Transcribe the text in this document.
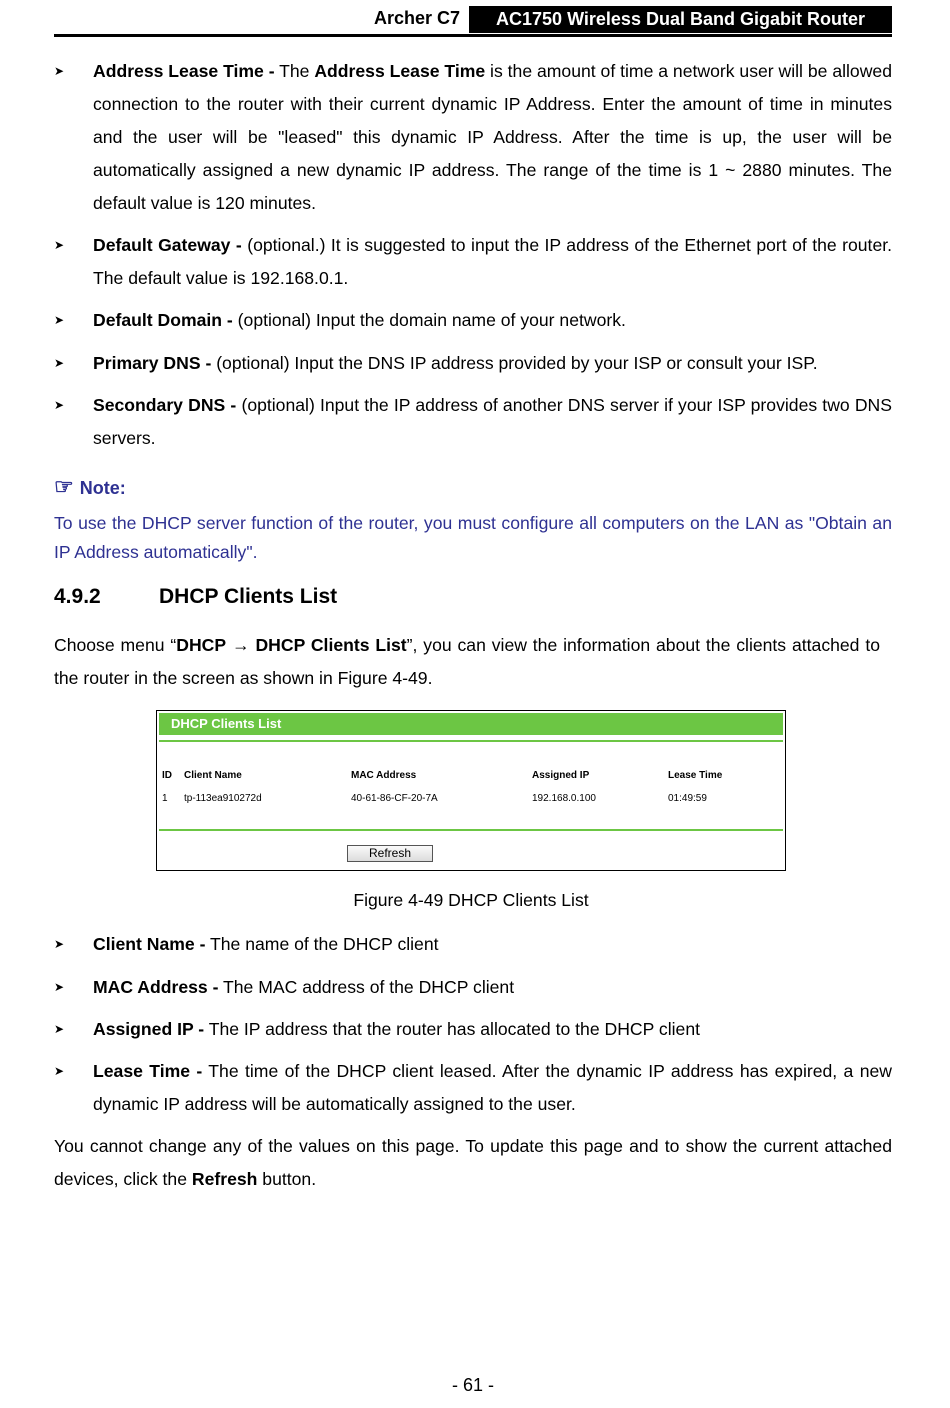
Archer C7	AC1750 Wireless Dual Band Gigabit Router
➤ Address Lease Time - The Address Lease Time is the amount of time a network user will be allowed connection to the router with their current dynamic IP Address. Enter the amount of time in minutes and the user will be "leased" this dynamic IP Address. After the time is up, the user will be automatically assigned a new dynamic IP address. The range of the time is 1 ~ 2880 minutes. The default value is 120 minutes.
➤ Default Gateway - (optional.) It is suggested to input the IP address of the Ethernet port of the router. The default value is 192.168.0.1.
➤ Default Domain - (optional) Input the domain name of your network.
➤ Primary DNS - (optional) Input the DNS IP address provided by your ISP or consult your ISP.
➤ Secondary DNS - (optional) Input the IP address of another DNS server if your ISP provides two DNS servers.
☞ Note:
To use the DHCP server function of the router, you must configure all computers on the LAN as "Obtain an IP Address automatically".
4.9.2	DHCP Clients List
Choose menu “DHCP → DHCP Clients List”, you can view the information about the clients attached to the router in the screen as shown in Figure 4-49.
DHCP Clients List
ID Client Name	MAC Address	Assigned IP	Lease Time
1 tp-113ea910272d	40-61-86-CF-20-7A	192.168.0.100	01:49:59
Refresh
Figure 4-49 DHCP Clients List
➤ Client Name - The name of the DHCP client
➤ MAC Address - The MAC address of the DHCP client
➤ Assigned IP - The IP address that the router has allocated to the DHCP client
➤ Lease Time - The time of the DHCP client leased. After the dynamic IP address has expired, a new dynamic IP address will be automatically assigned to the user.
You cannot change any of the values on this page. To update this page and to show the current attached devices, click the Refresh button.
- 61 -
